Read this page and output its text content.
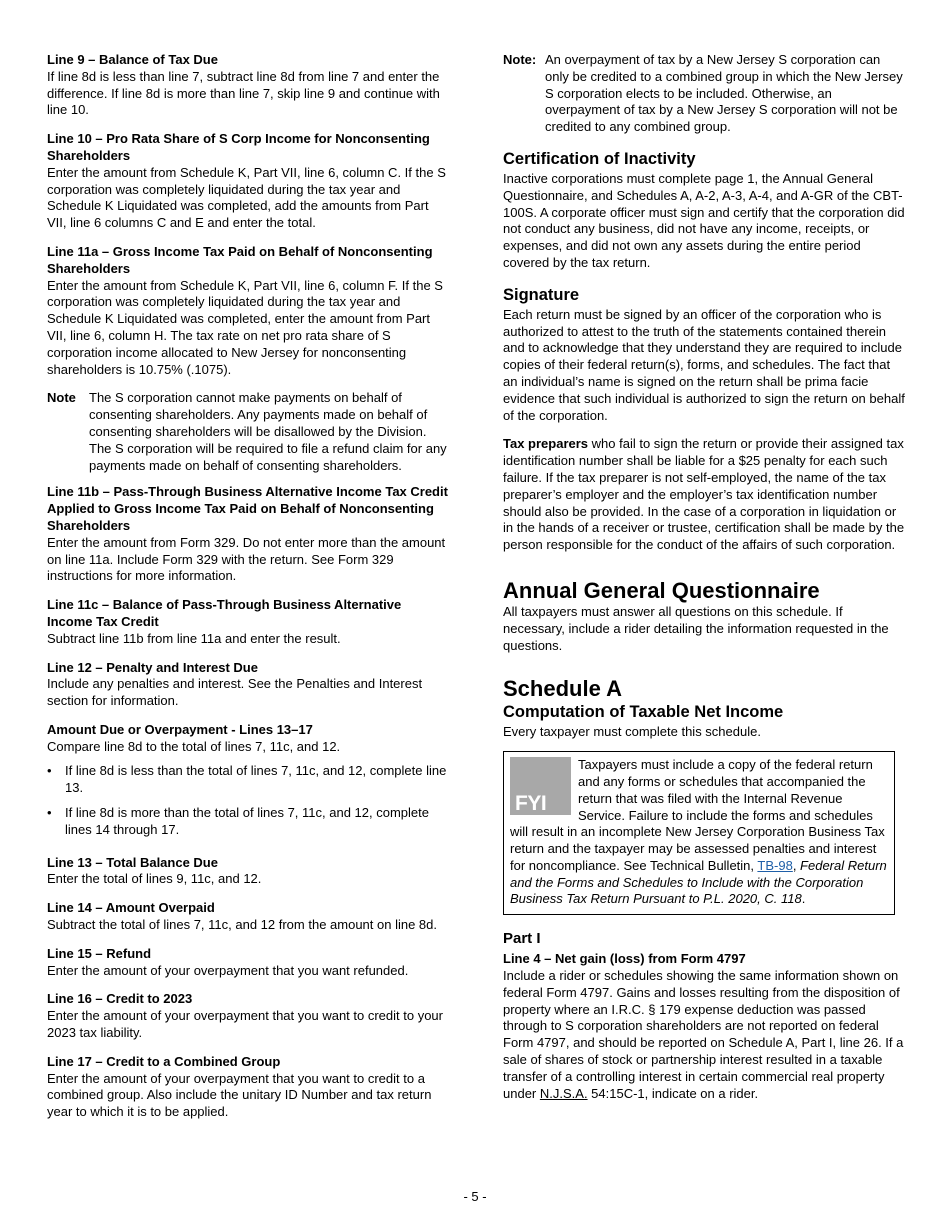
Line 9 – Balance of Tax Due

If line 8d is less than line 7, subtract line 8d from line 7 and enter the difference. If line 8d is more than line 7, skip line 9 and continue with line 10.

Line 10 – Pro Rata Share of S Corp Income for Nonconsenting Shareholders

Enter the amount from Schedule K, Part VII, line 6, column C. If the S corporation was completely liquidated during the tax year and Schedule K Liquidated was completed, add the amounts from Part VII, line 6 columns C and E and enter the total.

Line 11a – Gross Income Tax Paid on Behalf of Nonconsenting Shareholders

Enter the amount from Schedule K, Part VII, line 6, column F. If the S corporation was completely liquidated during the tax year and Schedule K Liquidated was completed, enter the amount from Part VII, line 6, column H. The tax rate on net pro rata share of S corporation income allocated to New Jersey for nonconsenting shareholders is 10.75% (.1075).

Note	The S corporation cannot make payments on behalf of consenting shareholders. Any payments made on behalf of consenting shareholders will be disallowed by the Division. The S corporation will be required to file a refund claim for any payments made on behalf of consenting shareholders.
Line 11b – Pass-Through Business Alternative Income Tax Credit Applied to Gross Income Tax Paid on Behalf of Nonconsenting Shareholders

Enter the amount from Form 329. Do not enter more than the amount on line 11a. Include Form 329 with the return. See Form 329 instructions for more information.

Line 11c – Balance of Pass-Through Business Alternative Income Tax Credit

Subtract line 11b from line 11a and enter the result.

Line 12 – Penalty and Interest Due

Include any penalties and interest. See the Penalties and Interest section for information.

Amount Due or Overpayment - Lines 13–17

Compare line 8d to the total of lines 7, 11c, and 12.

•	If line 8d is less than the total of lines 7, 11c, and 12, complete line 13.
•	If line 8d is more than the total of lines 7, 11c, and 12, complete lines 14 through 17.
Line 13 – Total Balance Due

Enter the total of lines 9, 11c, and 12.

Line 14 – Amount Overpaid

Subtract the total of lines 7, 11c, and 12 from the amount on line 8d.

Line 15 – Refund

Enter the amount of your overpayment that you want refunded.

Line 16 – Credit to 2023

Enter the amount of your overpayment that you want to credit to your 2023 tax liability.

Line 17 – Credit to a Combined Group

Enter the amount of your overpayment that you want to credit to a combined group. Also include the unitary ID Number and tax return year to which it is to be applied.

Note: An overpayment of tax by a New Jersey S corporation can only be credited to a combined group in which the New Jersey S corporation elects to be included. Otherwise, an overpayment of tax by a New Jersey S corporation will not be credited to any combined group.
Certification of Inactivity

Inactive corporations must complete page 1, the Annual General Questionnaire, and Schedules A, A-2, A-3, A-4, and A-GR of the CBT-100S. A corporate officer must sign and certify that the corporation did not conduct any business, did not have any income, receipts, or expenses, and did not own any assets during the entire period covered by the tax return.

Signature

Each return must be signed by an officer of the corporation who is authorized to attest to the truth of the statements contained therein and to acknowledge that they understand they are required to include copies of their federal return(s), forms, and schedules. The fact that an individual’s name is signed on the return shall be prima facie evidence that such individual is authorized to sign the return on behalf of the corporation.

Tax preparers who fail to sign the return or provide their assigned tax identification number shall be liable for a $25 penalty for each such failure. If the tax preparer is not self-employed, the name of the tax preparer’s employer and the employer’s tax identification number should also be provided. In the case of a corporation in liquidation or in the hands of a receiver or trustee, certification shall be made by the person responsible for the conduct of the affairs of such corporation.

Annual General Questionnaire

All taxpayers must answer all questions on this schedule. If necessary, include a rider detailing the information requested in the questions.

Schedule A
Computation of Taxable Net Income

Every taxpayer must complete this schedule.

FYI

Taxpayers must include a copy of the federal return and any forms or schedules that accompanied the return that was filed with the Internal Revenue Service. Failure to include the forms and schedules will result in an incomplete New Jersey Corporation Business Tax return and the taxpayer may be assessed penalties and interest for noncompliance. See Technical Bulletin, TB-98, Federal Return and the Forms and Schedules to Include with the Corporation Business Tax Return Pursuant to P.L. 2020, C. 118.

Part I
Line 4 – Net gain (loss) from Form 4797

Include a rider or schedules showing the same information shown on federal Form 4797. Gains and losses resulting from the disposition of property where an I.R.C. § 179 expense deduction was passed through to S corporation shareholders are not reported on federal Form 4797, and should be reported on Schedule A, Part I, line 26. If a sale of shares of stock or partnership interest resulted in a taxable transfer of a controlling interest in certain commercial real property under N.J.S.A. 54:15C-1, indicate on a rider.

- 5 -
